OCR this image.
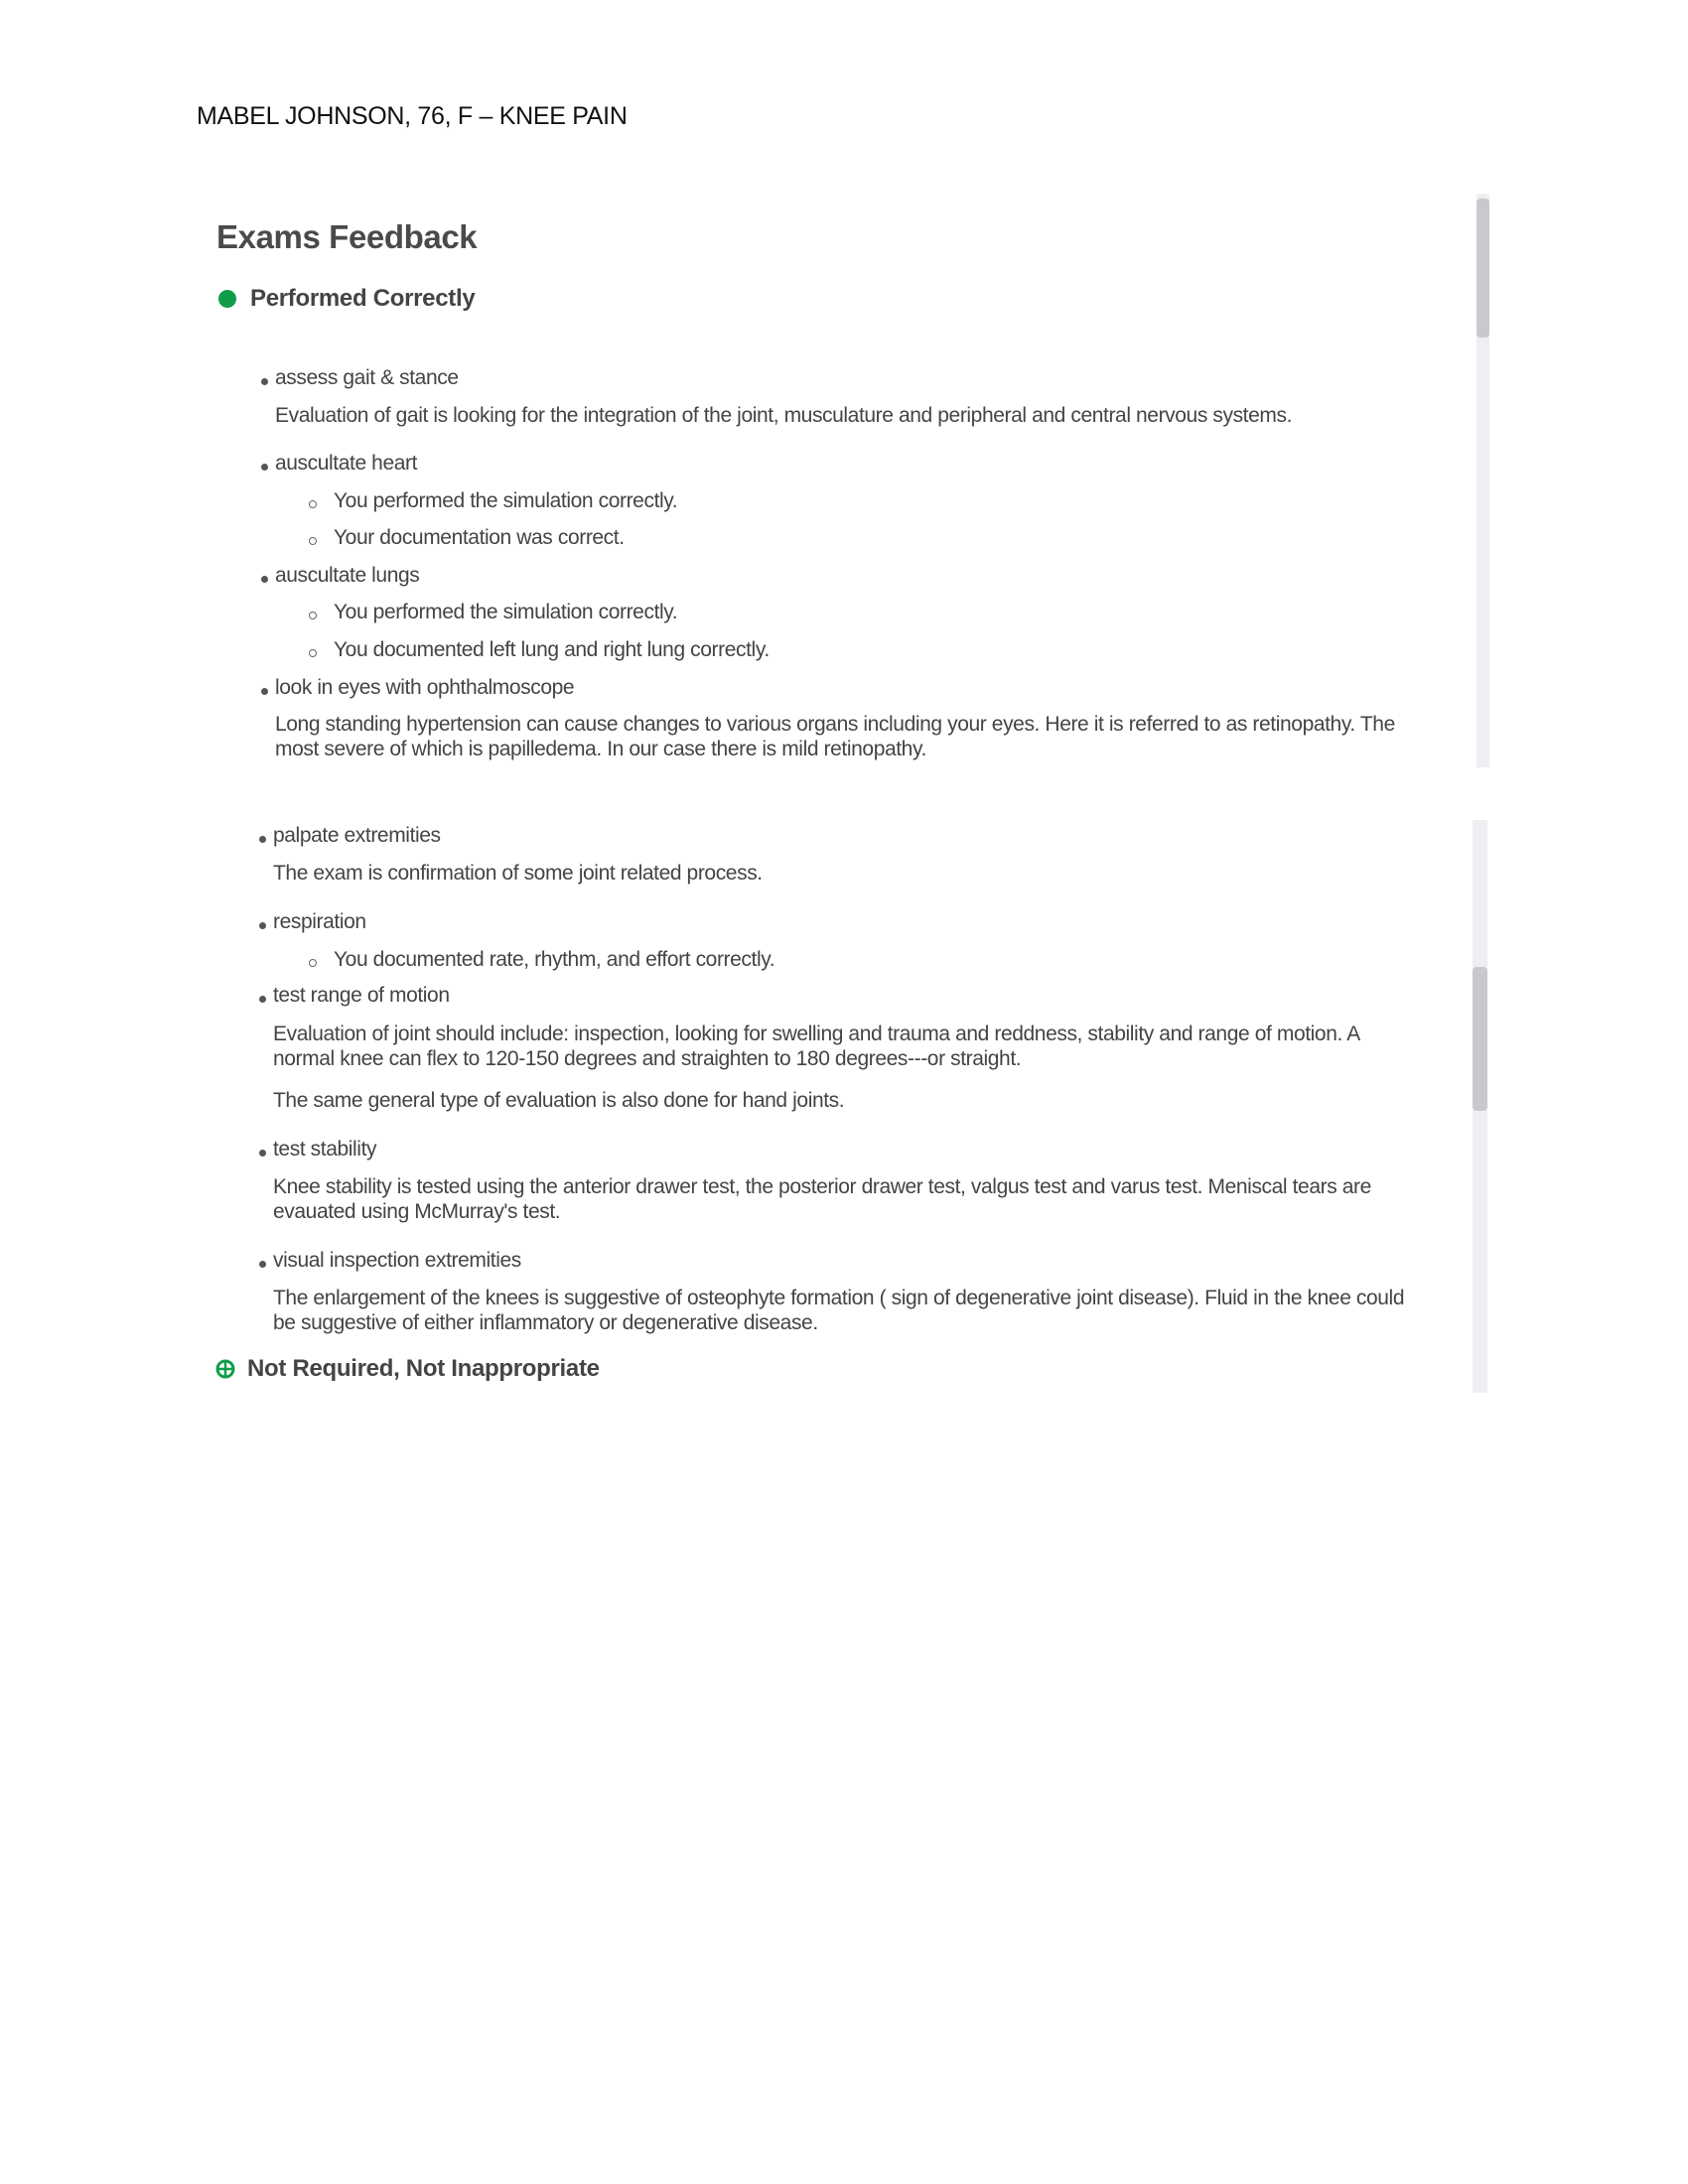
MABEL JOHNSON, 76, F – KNEE PAIN
Exams Feedback
Performed Correctly
assess gait & stance
Evaluation of gait is looking for the integration of the joint, musculature and peripheral and central nervous systems.
auscultate heart
You performed the simulation correctly.
Your documentation was correct.
auscultate lungs
You performed the simulation correctly.
You documented left lung and right lung correctly.
look in eyes with ophthalmoscope
Long standing hypertension can cause changes to various organs including your eyes. Here it is referred to as retinopathy. The most severe of which is papilledema. In our case there is mild retinopathy.
palpate extremities
The exam is confirmation of some joint related process.
respiration
You documented rate, rhythm, and effort correctly.
test range of motion
Evaluation of joint should include: inspection, looking for swelling and trauma and reddness, stability and range of motion. A normal knee can flex to 120-150 degrees and straighten to 180 degrees---or straight.
The same general type of evaluation is also done for hand joints.
test stability
Knee stability is tested using the anterior drawer test, the posterior drawer test, valgus test and varus test. Meniscal tears are evauated using McMurray's test.
visual inspection extremities
The enlargement of the knees is suggestive of osteophyte formation ( sign of degenerative joint disease). Fluid in the knee could be suggestive of either inflammatory or degenerative disease.
Not Required, Not Inappropriate
